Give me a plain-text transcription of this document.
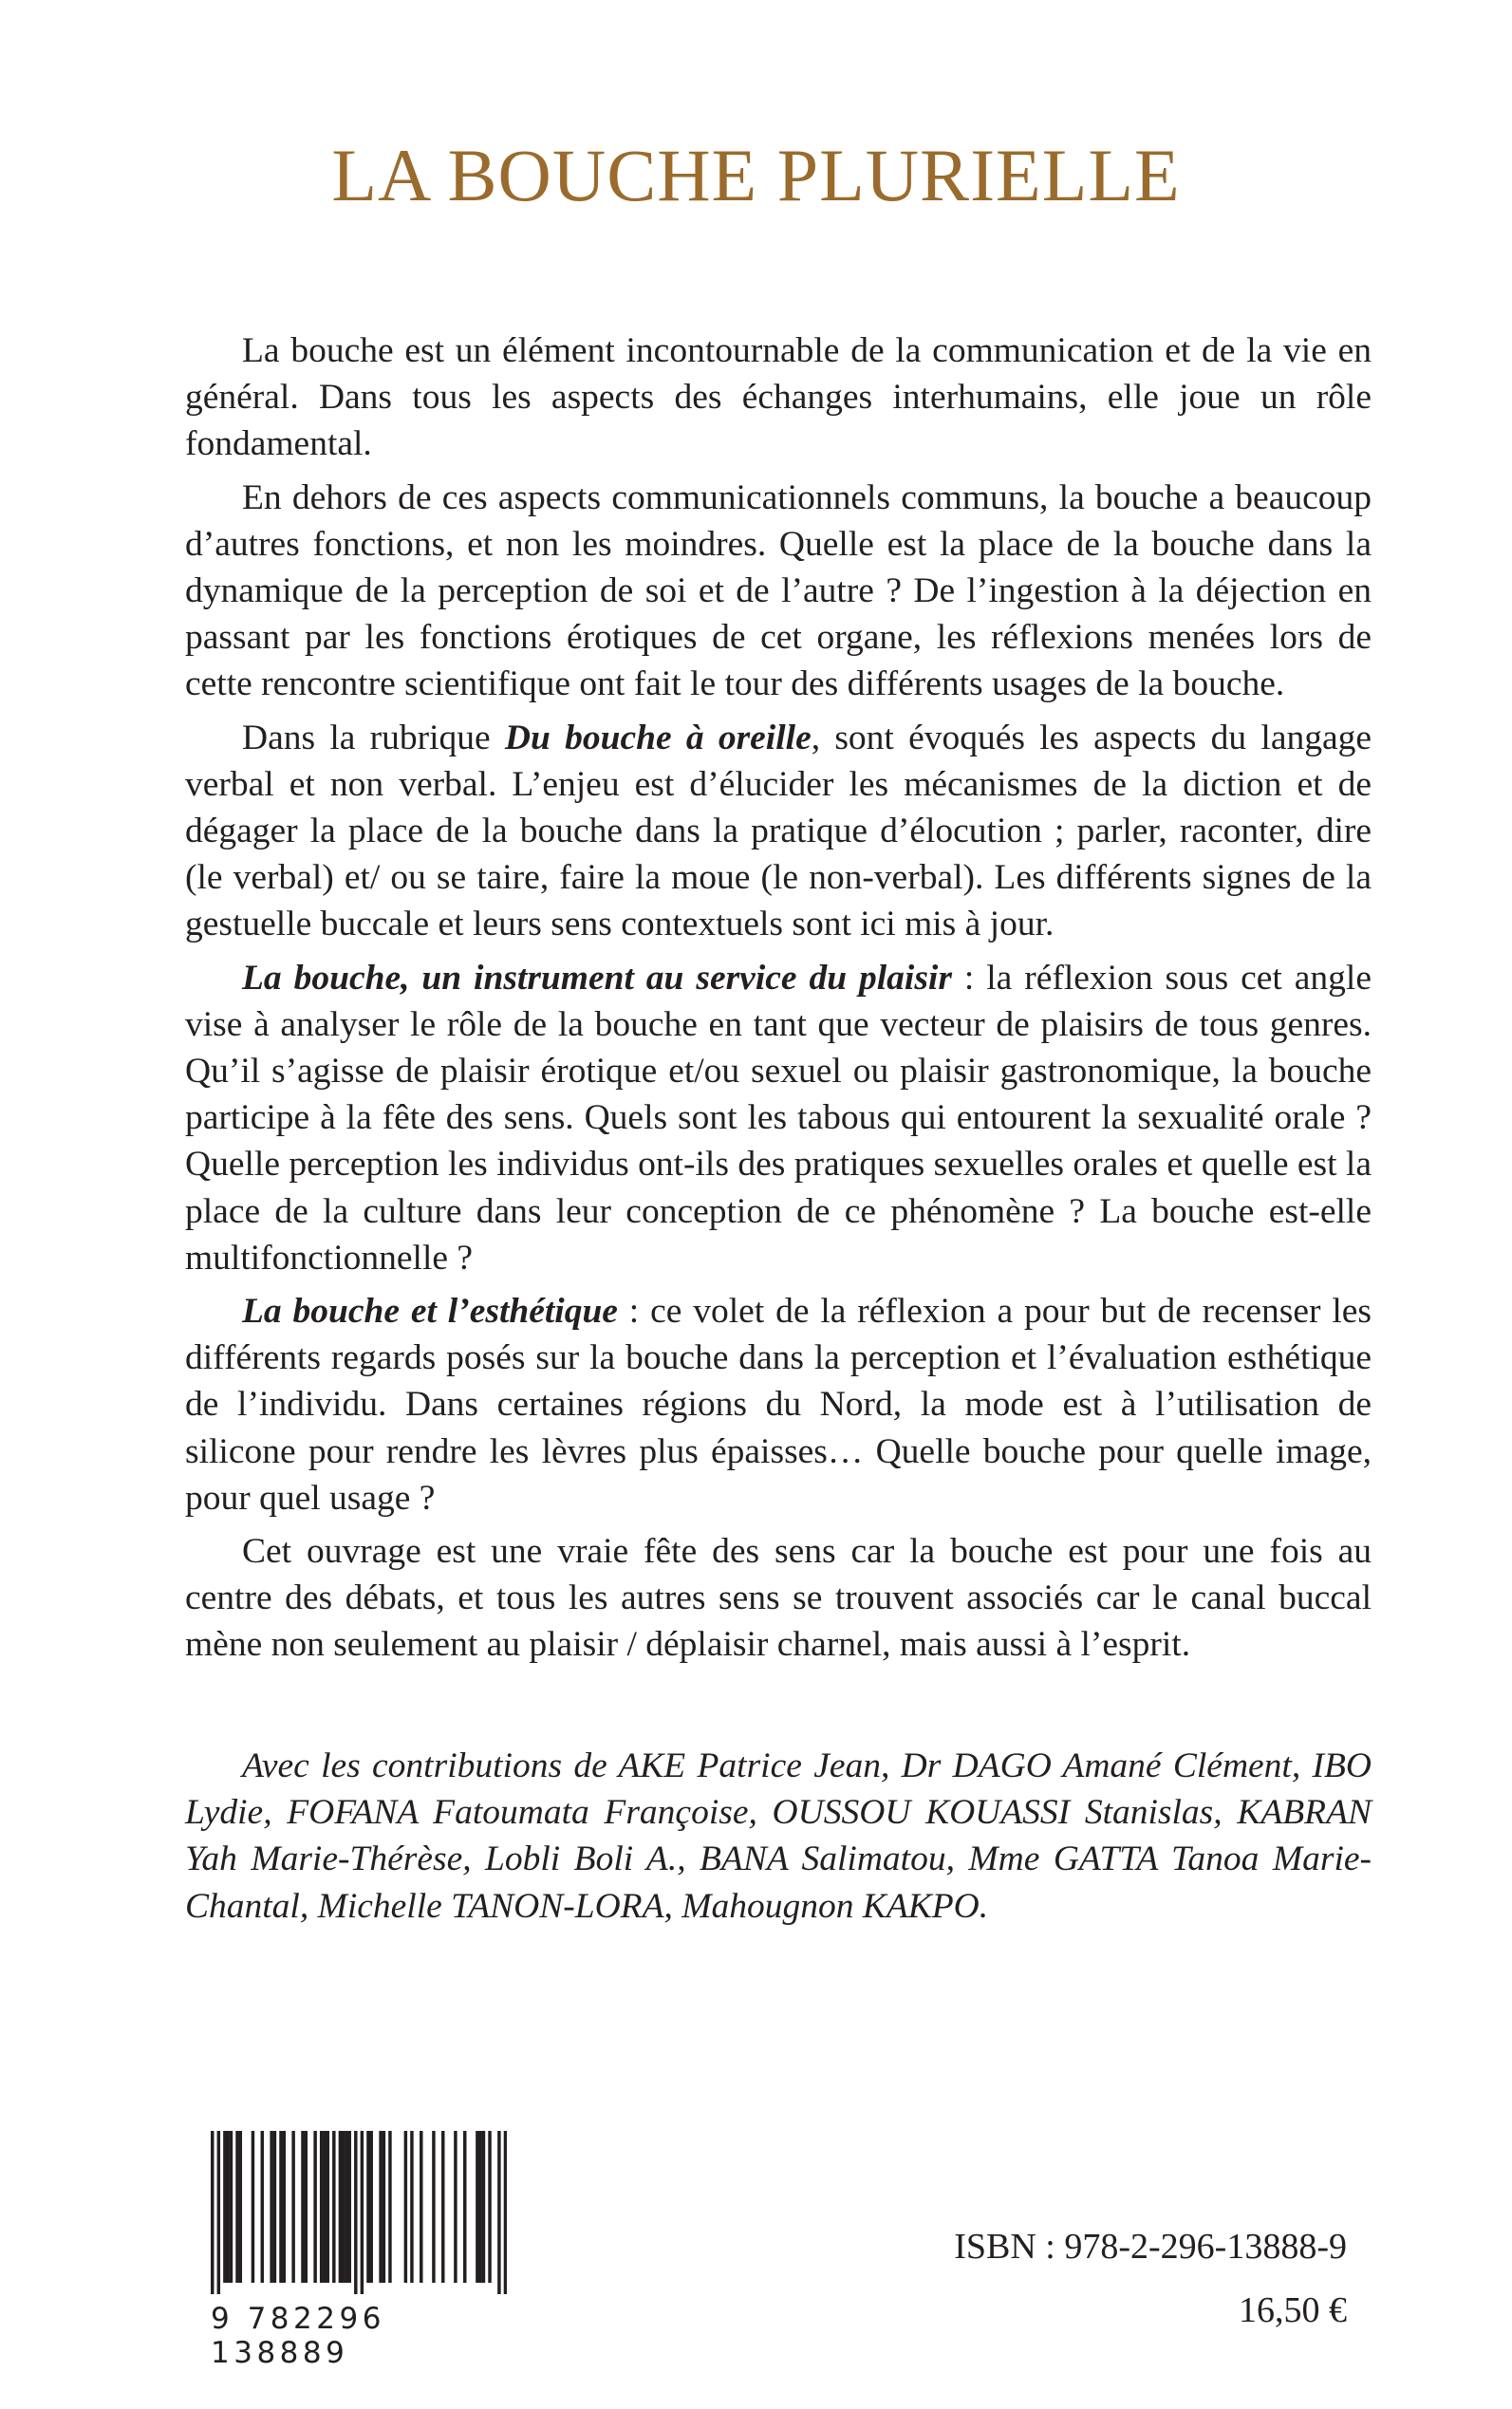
LA BOUCHE PLURIELLE

La bouche est un élément incontournable de la communication et de la vie en général. Dans tous les aspects des échanges interhumains, elle joue un rôle fondamental.

En dehors de ces aspects communicationnels communs, la bouche a beaucoup d’autres fonctions, et non les moindres. Quelle est la place de la bouche dans la dynamique de la perception de soi et de l’autre ? De l’ingestion à la déjection en passant par les fonctions érotiques de cet organe, les réflexions menées lors de cette rencontre scientifique ont fait le tour des différents usages de la bouche.

Dans la rubrique Du bouche à oreille, sont évoqués les aspects du langage verbal et non verbal. L’enjeu est d’élucider les mécanismes de la diction et de dégager la place de la bouche dans la pratique d’élocution ; parler, raconter, dire (le verbal) et/ ou se taire, faire la moue (le non-verbal). Les différents signes de la gestuelle buccale et leurs sens contextuels sont ici mis à jour.

La bouche, un instrument au service du plaisir : la réflexion sous cet angle vise à analyser le rôle de la bouche en tant que vecteur de plaisirs de tous genres. Qu’il s’agisse de plaisir érotique et/ou sexuel ou plaisir gastronomique, la bouche participe à la fête des sens. Quels sont les tabous qui entourent la sexualité orale ? Quelle perception les individus ont-ils des pratiques sexuelles orales et quelle est la place de la culture dans leur conception de ce phénomène ? La bouche est-elle multifonctionnelle ?

La bouche et l’esthétique : ce volet de la réflexion a pour but de recenser les différents regards posés sur la bouche dans la perception et l’évaluation esthétique de l’individu. Dans certaines régions du Nord, la mode est à l’utilisation de silicone pour rendre les lèvres plus épaisses… Quelle bouche pour quelle image, pour quel usage ?

Cet ouvrage est une vraie fête des sens car la bouche est pour une fois au centre des débats, et tous les autres sens se trouvent associés car le canal buccal mène non seulement au plaisir / déplaisir charnel, mais aussi à l’esprit.

Avec les contributions de AKE Patrice Jean, Dr DAGO Amané Clément, IBO Lydie, FOFANA Fatoumata Françoise, OUSSOU KOUASSI Stanislas, KABRAN Yah Marie-Thérèse, Lobli Boli A., BANA Salimatou, Mme GATTA Tanoa Marie-Chantal, Michelle TANON-LORA, Mahougnon KAKPO.

9 782296 138889

ISBN : 978-2-296-13888-9

16,50 €
